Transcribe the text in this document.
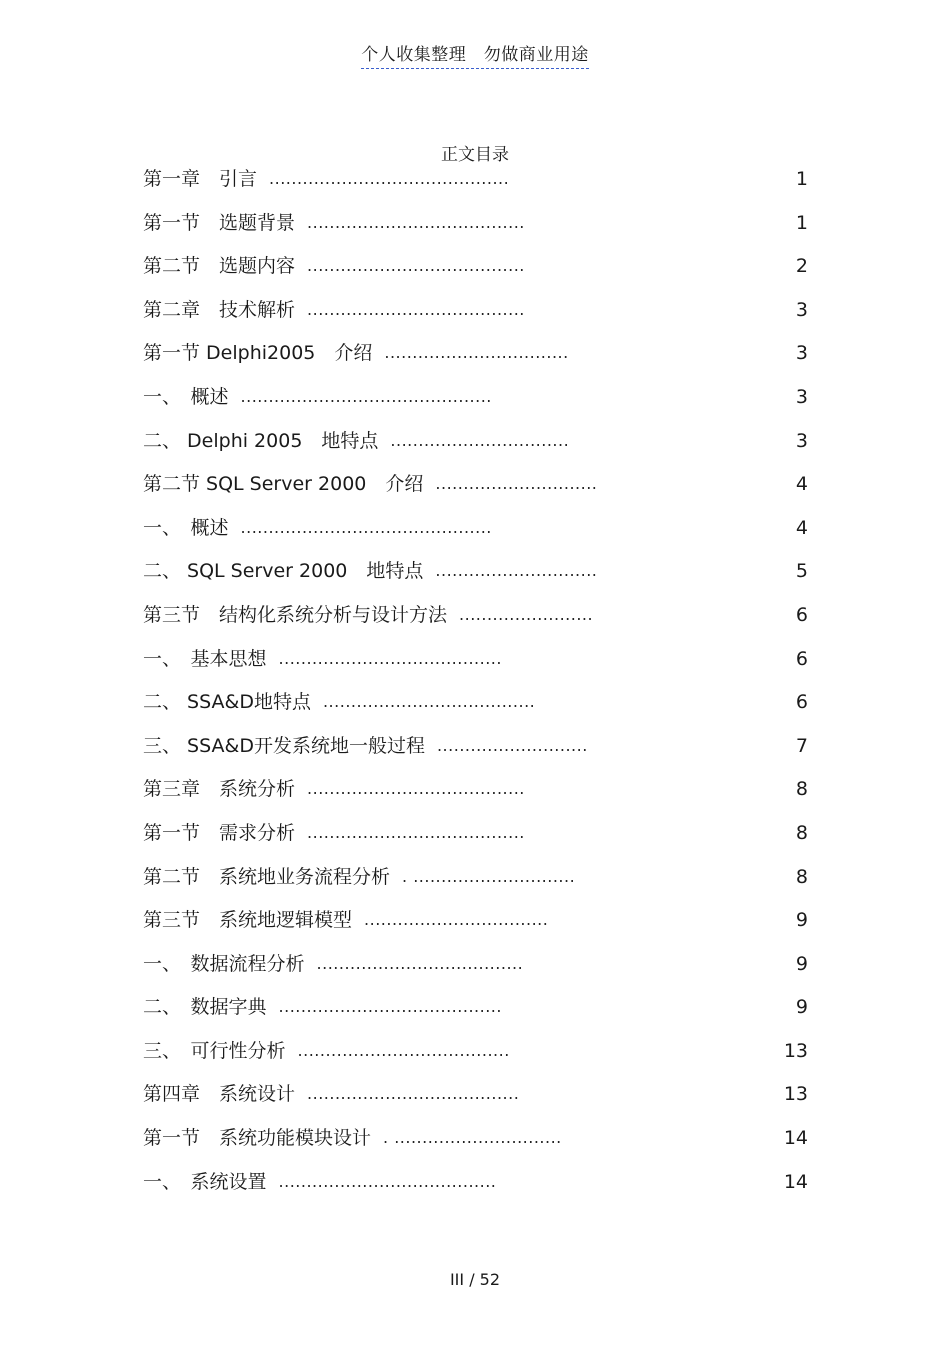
个人收集整理　勿做商业用途
正文目录
第一章　引言 ...........................................	1
第一节　选题背景 .......................................	1
第二节　选题内容 .......................................	2
第二章　技术解析 .......................................	3
第一节 Delphi2005　介绍 .................................	3
一、　概述 .............................................	3
二、 Delphi 2005　地特点 ................................	3
第二节 SQL Server 2000　介绍 .............................	4
一、　概述 .............................................	4
二、 SQL Server 2000　地特点 .............................	5
第三节　结构化系统分析与设计方法 ........................	6
一、　基本思想 ........................................	6
二、 SSA&D地特点 ......................................	6
三、 SSA&D开发系统地一般过程 ...........................	7
第三章　系统分析 .......................................	8
第一节　需求分析 .......................................	8
第二节　系统地业务流程分析 . .............................	8
第三节　系统地逻辑模型 .................................	9
一、　数据流程分析 .....................................	9
二、　数据字典 ........................................	9
三、　可行性分析 ......................................	13
第四章　系统设计 ......................................	13
第一节　系统功能模块设计 . ..............................	14
一、　系统设置 .......................................	14
III / 52
